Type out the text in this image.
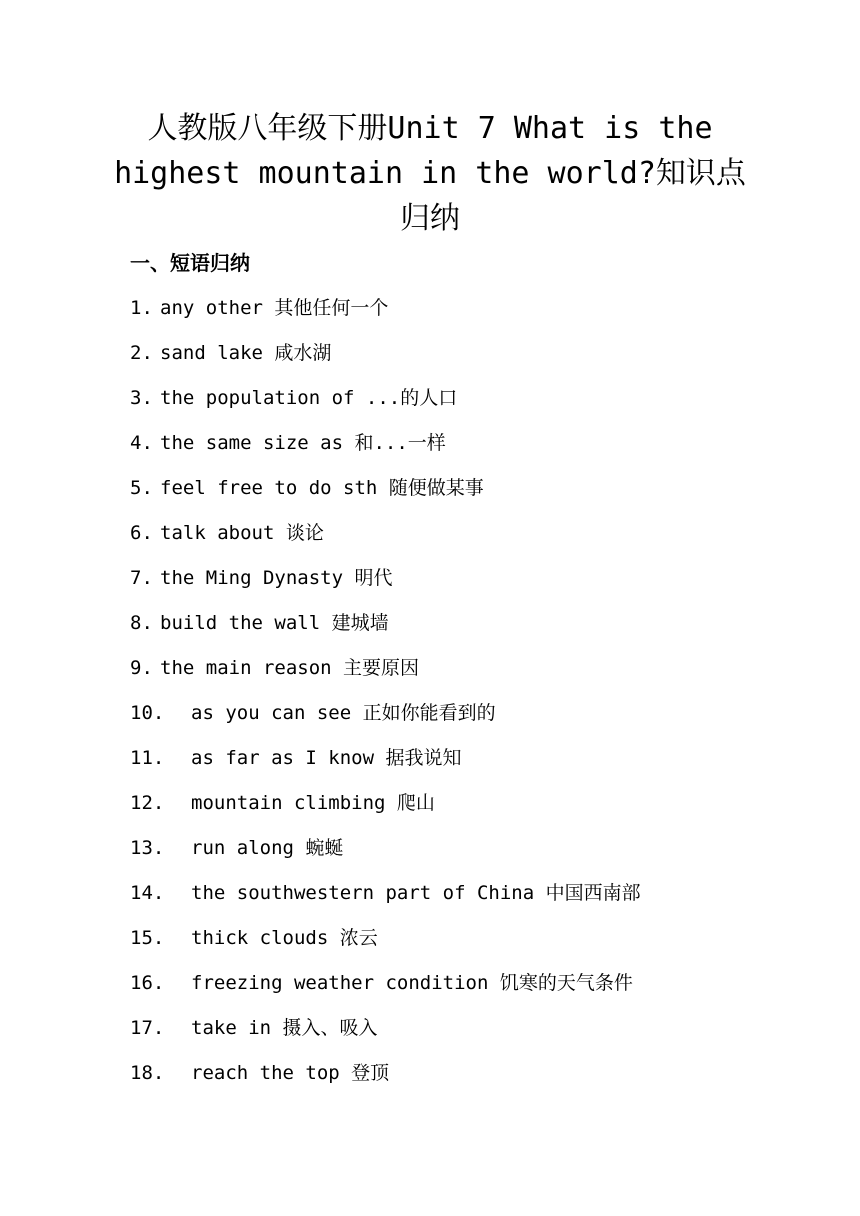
人教版八年级下册Unit 7 What is the highest mountain in the world?知识点归纳
一、短语归纳
1. any other 其他任何一个
2. sand lake 咸水湖
3. the population of ...的人口
4. the same size as 和...一样
5. feel free to do sth 随便做某事
6. talk about 谈论
7. the Ming Dynasty 明代
8. build the wall 建城墙
9. the main reason 主要原因
10.	as you can see 正如你能看到的
11.	as far as I know 据我说知
12.	mountain climbing 爬山
13.	run along 蜿蜒
14.	the southwestern part of China 中国西南部
15.	thick clouds 浓云
16.	freezing weather condition 饥寒的天气条件
17.	take in 摄入、吸入
18.	reach the top 登顶
